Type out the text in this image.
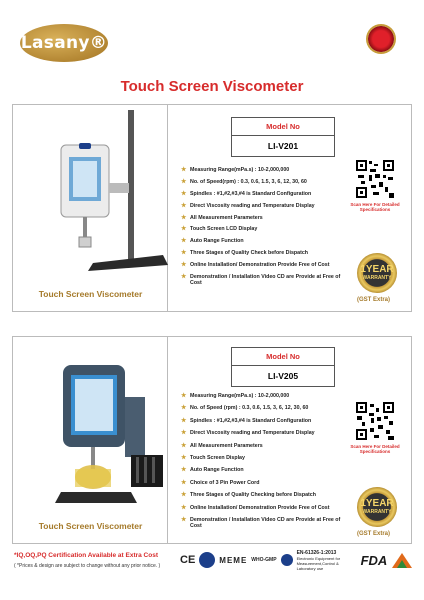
Lasany®
Touch Screen Viscometer
Touch Screen Viscometer
Model No
LI-V201
★ Measuring Range(mPa.s) : 10-2,000,000
★ No. of Speed(rpm) : 0.3, 0.6, 1.5, 3, 6, 12, 30, 60
★ Spindles : #1,#2,#3,#4 is Standard Configuration
★ Direct Viscosity reading and Temperature Display
★ All Measurement Parameters
★ Touch Screen LCD Display
★ Auto Range Function
★ Three Stages of Quality Check before Dispatch
★ Online Installation/ Demonstration Provide Free of Cost
★ Demonstration / Installation Video CD are Provide at Free of Cost
Scan Here For Detailed Specifications
1YEAR
WARRANTY
(GST Extra)
Touch Screen Viscometer
Model No
LI-V205
★ Measuring Range(mPa.s) : 10-2,000,000
★ No. of Speed (rpm) : 0.3, 0.6, 1.5, 3, 6, 12, 30, 60
★ Spindles : #1,#2,#3,#4 is Standard Configuration
★ Direct Viscosity reading and Temperature Display
★ All Measurement Parameters
★ Touch Screen Display
★ Auto Range Function
★ Choice of 3 Pin Power Cord
★ Three Stages of Quality Checking before Dispatch
★ Online Installation/ Demonstration Provide Free of Cost
★ Demonstration / Installation Video CD are Provide at Free of Cost
Scan Here For Detailed Specifications
1YEAR
WARRANTY
(GST Extra)
*IQ,OQ,PQ Certification Available at Extra Cost
( *Prices & design are subject to change without any prior notice. ) CE	MEME WHO-GMP
EN-61326-1:2013
Electronic Equipment for Measurement,Control & Laboratory use
FDA
